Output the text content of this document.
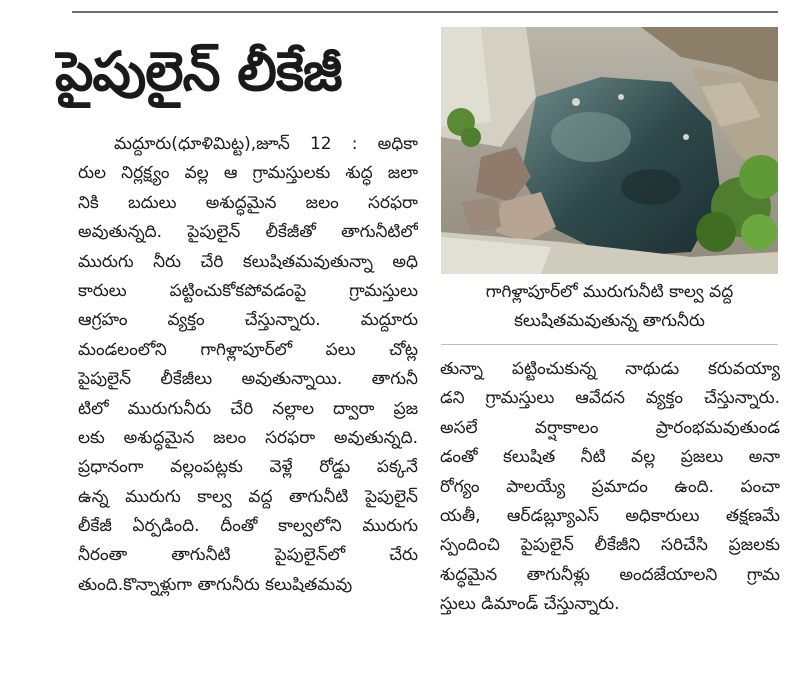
పైపులైన్ లీకేజీ
మద్దూరు(ధూళిమిట్ట),జూన్ 12 : అధికా
రుల నిర్లక్ష్యం వల్ల ఆ గ్రామస్తులకు శుద్ధ జలా
నికి బదులు అశుద్ధమైన జలం సరఫరా
అవుతున్నది. పైపులైన్ లీకేజీతో తాగునీటిలో
మురుగు నీరు చేరి కలుషితమవుతున్నా అధి
కారులు పట్టించుకోకపోవడంపై గ్రామస్తులు
ఆగ్రహం వ్యక్తం చేస్తున్నారు. మద్దూరు
మండలంలోని గాగిళ్లాపూర్‌లో పలు చోట్ల
పైపులైన్ లీకేజీలు అవుతున్నాయి. తాగునీ
టిలో మురుగునీరు చేరి నల్లాల ద్వారా ప్రజ
లకు అశుద్ధమైన జలం సరఫరా అవుతున్నది.
ప్రధానంగా వల్లంపట్లకు వెళ్లే రోడ్డు పక్కనే
ఉన్న మురుగు కాల్వ వద్ద తాగునీటి పైపులైన్
లీకేజీ ఏర్పడింది. దీంతో కాల్వలోని మురుగు
నీరంతా తాగునీటి పైపులైన్‌లో చేరు
తుంది.కొన్నాళ్లుగా తాగునీరు కలుషితమవు
గాగిళ్లాపూర్‌లో మురుగునీటి కాల్వ వద్ద
కలుషితమవుతున్న తాగునీరు
తున్నా పట్టించుకున్న నాథుడు కరువయ్యా
డని గ్రామస్తులు ఆవేదన వ్యక్తం చేస్తున్నారు.
అసలే వర్షాకాలం ప్రారంభమవుతుండ
డంతో కలుషిత నీటి వల్ల ప్రజలు అనా
రోగ్యం పాలయ్యే ప్రమాదం ఉంది. పంచా
యతీ, ఆర్‌డబ్ల్యూఎస్ అధికారులు తక్షణమే
స్పందించి పైపులైన్ లీకేజీని సరిచేసి ప్రజలకు
శుద్ధమైన తాగునీళ్లు అందజేయాలని గ్రామ
స్తులు డిమాండ్ చేస్తున్నారు.
